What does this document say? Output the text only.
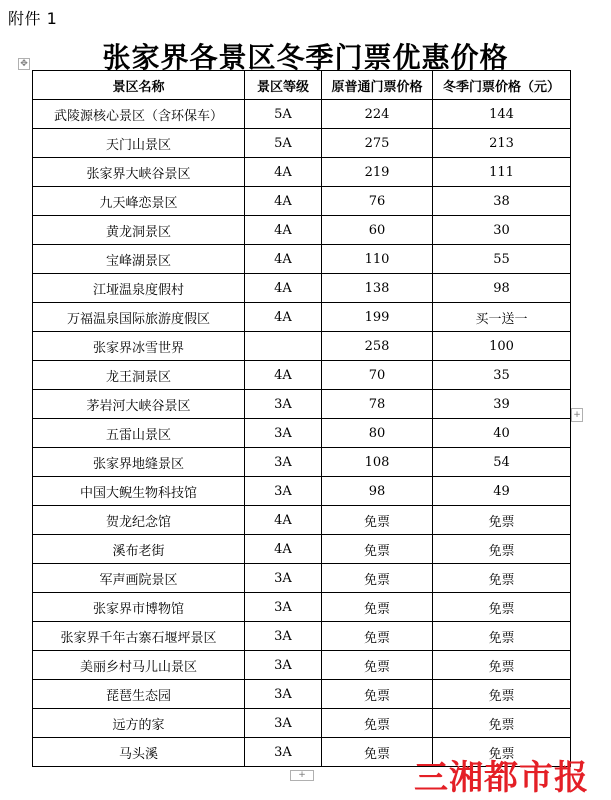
附件 1
张家界各景区冬季门票优惠价格
✥
景区名称	景区等级	原普通门票价格	冬季门票价格（元）
武陵源核心景区（含环保车）	5A	224	144
天门山景区	5A	275	213
张家界大峡谷景区	4A	219	111
九天峰恋景区	4A	76	38
黄龙洞景区	4A	60	30
宝峰湖景区	4A	110	55
江垭温泉度假村	4A	138	98
万福温泉国际旅游度假区	4A	199	买一送一
张家界冰雪世界		258	100
龙王洞景区	4A	70	35
茅岩河大峡谷景区	3A	78	39
五雷山景区	3A	80	40
张家界地缝景区	3A	108	54
中国大鲵生物科技馆	3A	98	49
贺龙纪念馆	4A	免票	免票
溪布老街	4A	免票	免票
军声画院景区	3A	免票	免票
张家界市博物馆	3A	免票	免票
张家界千年古寨石堰坪景区	3A	免票	免票
美丽乡村马儿山景区	3A	免票	免票
琵琶生态园	3A	免票	免票
远方的家	3A	免票	免票
马头溪	3A	免票	免票
+
+	三湘都市报
